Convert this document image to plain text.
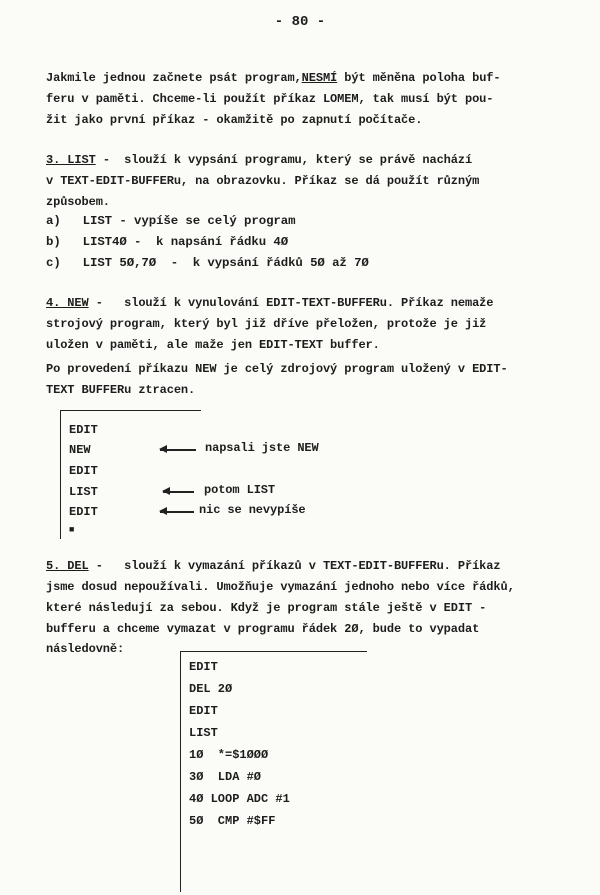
- 80 -
Jakmile jednou začnete psát program,NESMÍ být měněna poloha buf-
feru v paměti. Chceme-li použít příkaz LOMEM, tak musí být pou-
žit jako první příkaz - okamžitě po zapnutí počítače.
3. LIST -  slouží k vypsání programu, který se právě nachází
v TEXT-EDIT-BUFFERu, na obrazovku. Příkaz se dá použít různým
způsobem.
a)   LIST - vypíše se celý program
b)   LIST4Ø -  k napsání řádku 4Ø
c)   LIST 5Ø,7Ø  -  k vypsání řádků 5Ø až 7Ø
4. NEW -   slouží k vynulování EDIT-TEXT-BUFFERu. Příkaz nemaže
strojový program, který byl již dříve přeložen, protože je již
uložen v paměti, ale maže jen EDIT-TEXT buffer.
Po provedení příkazu NEW je celý zdrojový program uložený v EDIT-
TEXT BUFFERu ztracen.
EDIT
NEW
EDIT
LIST
EDIT
■
napsali jste NEW
potom LIST
nic se nevypíše
5. DEL -   slouží k vymazání příkazů v TEXT-EDIT-BUFFERu. Příkaz
jsme dosud nepoužívali. Umožňuje vymazání jednoho nebo více řádků,
které následují za sebou. Když je program stále ještě v EDIT -
bufferu a chceme vymazat v programu řádek 2Ø, bude to vypadat
následovně:
EDIT
DEL 2Ø
EDIT
LIST
1Ø  *=$1ØØØ
3Ø  LDA #Ø
4Ø LOOP ADC #1
5Ø  CMP #$FF
